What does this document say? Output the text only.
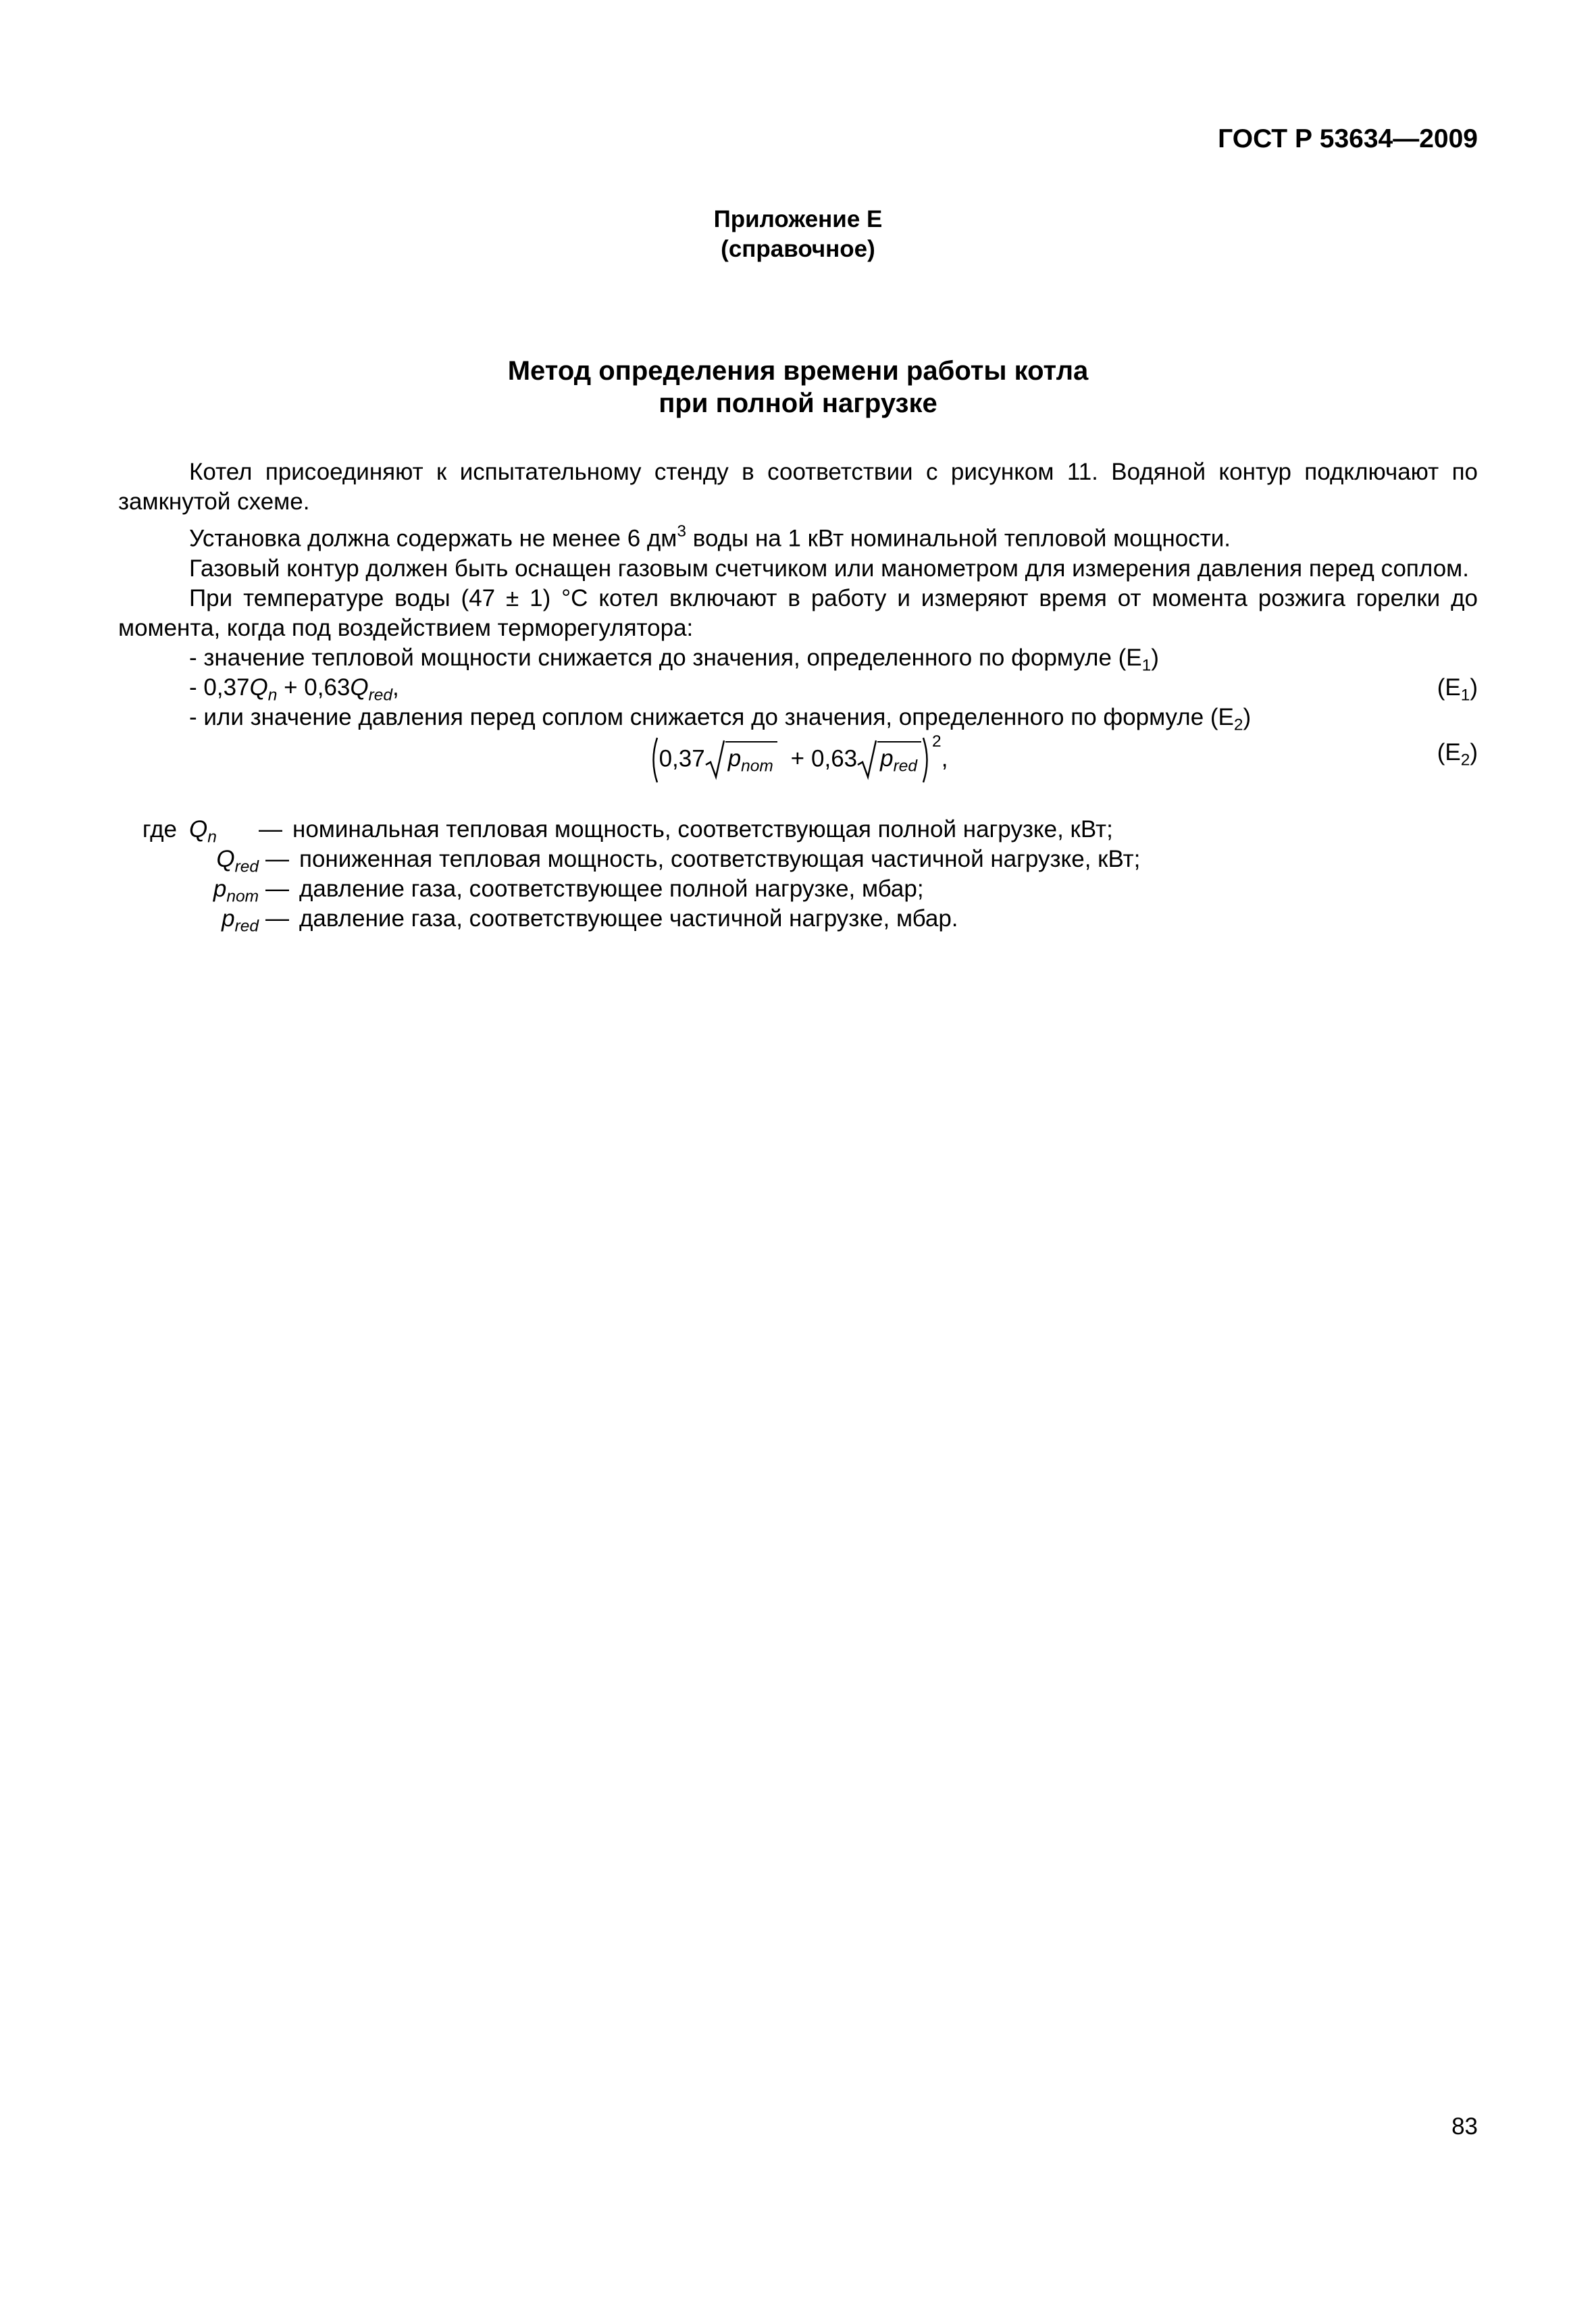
ГОСТ Р 53634—2009
Приложение Е
(справочное)
Метод определения времени работы котла
при полной нагрузке

Котел присоединяют к испытательному стенду в соответствии с рисунком 11. Водяной контур подключают по замкнутой схеме.

Установка должна содержать не менее 6 $дм^3$ воды на 1 кВт номинальной тепловой мощности.

Газовый контур должен быть оснащен газовым счетчиком или манометром для измерения давления перед соплом.

При температуре воды (47 ± 1) °С котел включают в работу и измеряют время от момента розжига горелки до момента, когда под воздействием терморегулятора:

- значение тепловой мощности снижается до значения, определенного по формуле $(Е_1)$
- $0,37Q_n + 0,63Q_{red}$,	$(Е_1)$
- или значение давления перед соплом снижается до значения, определенного по формуле $(Е_2)$
0,37 $p_{nom} + 0,63$ $p_{red}^2$,	$(Е_2)$
где $Q_n$	— номинальная тепловая мощность, соответствующая полной нагрузке, кВт;
$Q_{red}$ — пониженная тепловая мощность, соответствующая частичной нагрузке, кВт;
$p_{nom}$ — давление газа, соответствующее полной нагрузке, мбар;
$p_{red}$ — давление газа, соответствующее частичной нагрузке, мбар.
83
